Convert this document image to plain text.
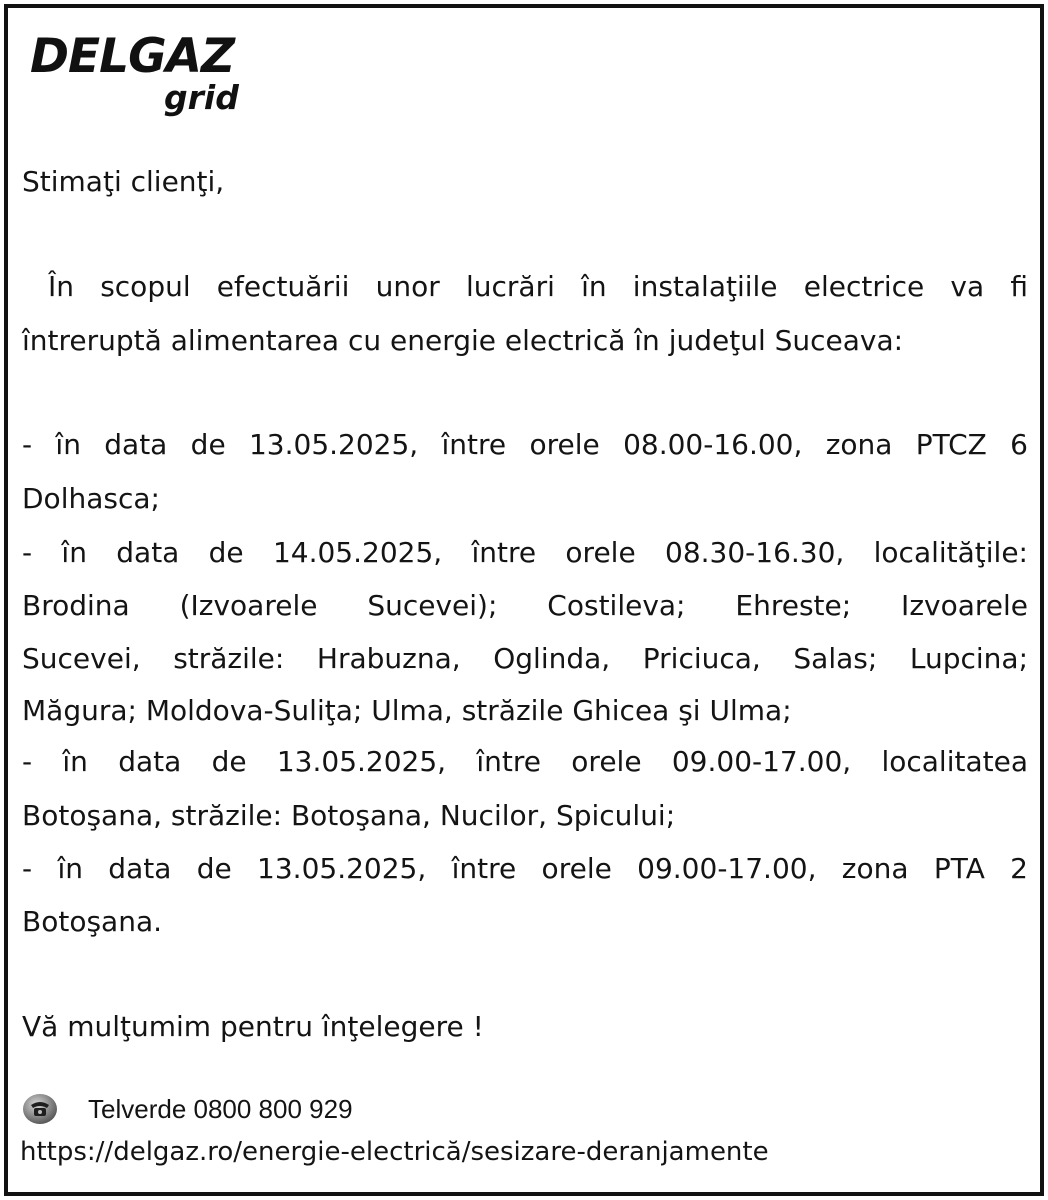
DELGAZ
grid
Stimaţi clienţi,
În scopul efectuării unor lucrări în instalaţiile electrice va fi
întreruptă alimentarea cu energie electrică în judeţul Suceava:
- în data de 13.05.2025, între orele 08.00-16.00, zona PTCZ 6
Dolhasca;
- în data de 14.05.2025, între orele 08.30-16.30, localităţile:
Brodina (Izvoarele Sucevei); Costileva; Ehreste; Izvoarele
Sucevei, străzile: Hrabuzna, Oglinda, Priciuca, Salas; Lupcina;
Măgura; Moldova-Suliţa; Ulma, străzile Ghicea şi Ulma;
- în data de 13.05.2025, între orele 09.00-17.00, localitatea
Botoşana, străzile: Botoşana, Nucilor, Spicului;
- în data de 13.05.2025, între orele 09.00-17.00, zona PTA 2
Botoşana.
Vă mulţumim pentru înţelegere !
Telverde 0800 800 929
https://delgaz.ro/energie-electrică/sesizare-deranjamente
